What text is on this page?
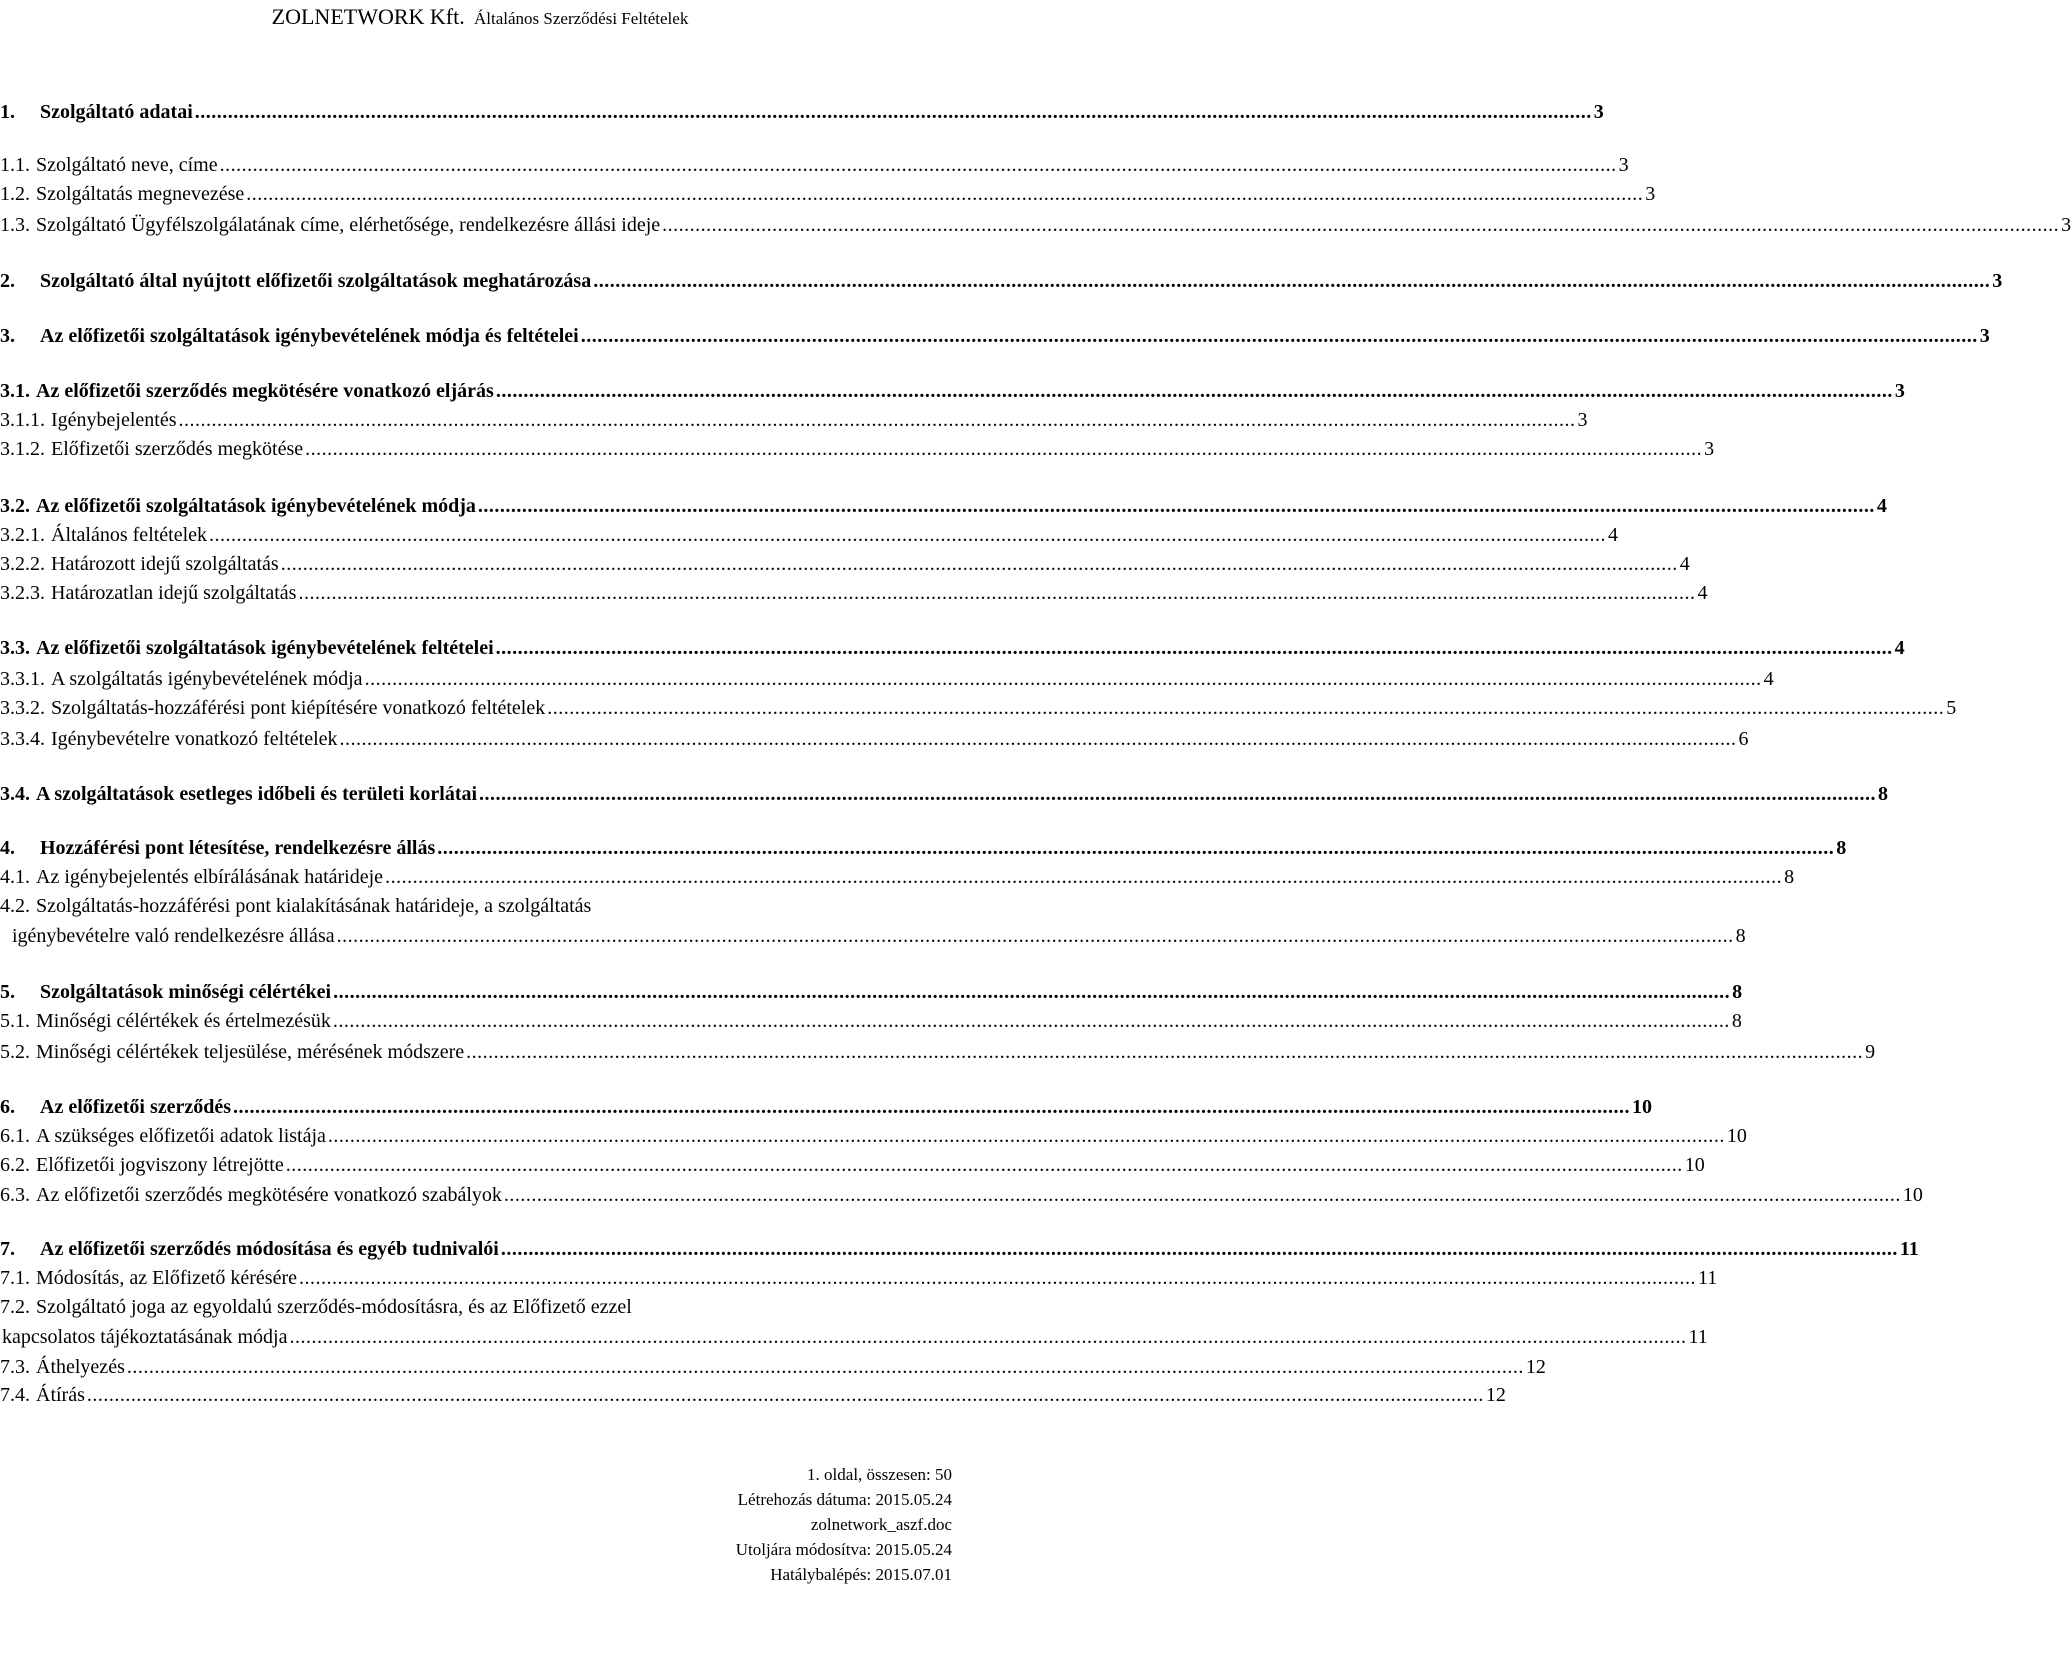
ZOLNETWORK Kft. Általános Szerződési Feltételek
1.	Szolgáltató adatai .....	3
1.1. Szolgáltató neve, címe .....	3
1.2. Szolgáltatás megnevezése .....	3
1.3. Szolgáltató Ügyfélszolgálatának címe, elérhetősége, rendelkezésre állási ideje .....	3
2.	Szolgáltató által nyújtott előfizetői szolgáltatások meghatározása .....	3
3.	Az előfizetői szolgáltatások igénybevételének módja és feltételei .....	3
3.1. Az előfizetői szerződés megkötésére vonatkozó eljárás .....	3
3.1.1. Igénybejelentés .....	3
3.1.2. Előfizetői szerződés megkötése .....	3
3.2. Az előfizetői szolgáltatások igénybevételének módja .....	4
3.2.1. Általános feltételek .....	4
3.2.2. Határozott idejű szolgáltatás .....	4
3.2.3. Határozatlan idejű szolgáltatás .....	4
3.3. Az előfizetői szolgáltatások igénybevételének feltételei .....	4
3.3.1. A szolgáltatás igénybevételének módja .....	4
3.3.2. Szolgáltatás-hozzáférési pont kiépítésére vonatkozó feltételek .....	5
3.3.4. Igénybevételre vonatkozó feltételek .....	6
3.4. A szolgáltatások esetleges időbeli és területi korlátai .....	8
4.	Hozzáférési pont létesítése, rendelkezésre állás .....	8
4.1. Az igénybejelentés elbírálásának határideje .....	8
4.2. Szolgáltatás-hozzáférési pont kialakításának határideje, a szolgáltatás
igénybevételre való rendelkezésre állása .....	8
5.	Szolgáltatások minőségi célértékei .....	8
5.1. Minőségi célértékek és értelmezésük .....	8
5.2. Minőségi célértékek teljesülése, mérésének módszere .....	9
6.	Az előfizetői szerződés .....	10
6.1. A szükséges előfizetői adatok listája .....	10
6.2. Előfizetői jogviszony létrejötte .....	10
6.3. Az előfizetői szerződés megkötésére vonatkozó szabályok .....	10
7.	Az előfizetői szerződés módosítása és egyéb tudnivalói .....	11
7.1. Módosítás, az Előfizető kérésére .....	11
7.2. Szolgáltató joga az egyoldalú szerződés-módosításra, és az Előfizető ezzel
kapcsolatos tájékoztatásának módja .....	11
7.3. Áthelyezés .....	12
7.4. Átírás .....	12
1. oldal, összesen: 50
Létrehozás dátuma: 2015.05.24
zolnetwork_aszf.doc
Utoljára módosítva: 2015.05.24
Hatálybalépés: 2015.07.01
